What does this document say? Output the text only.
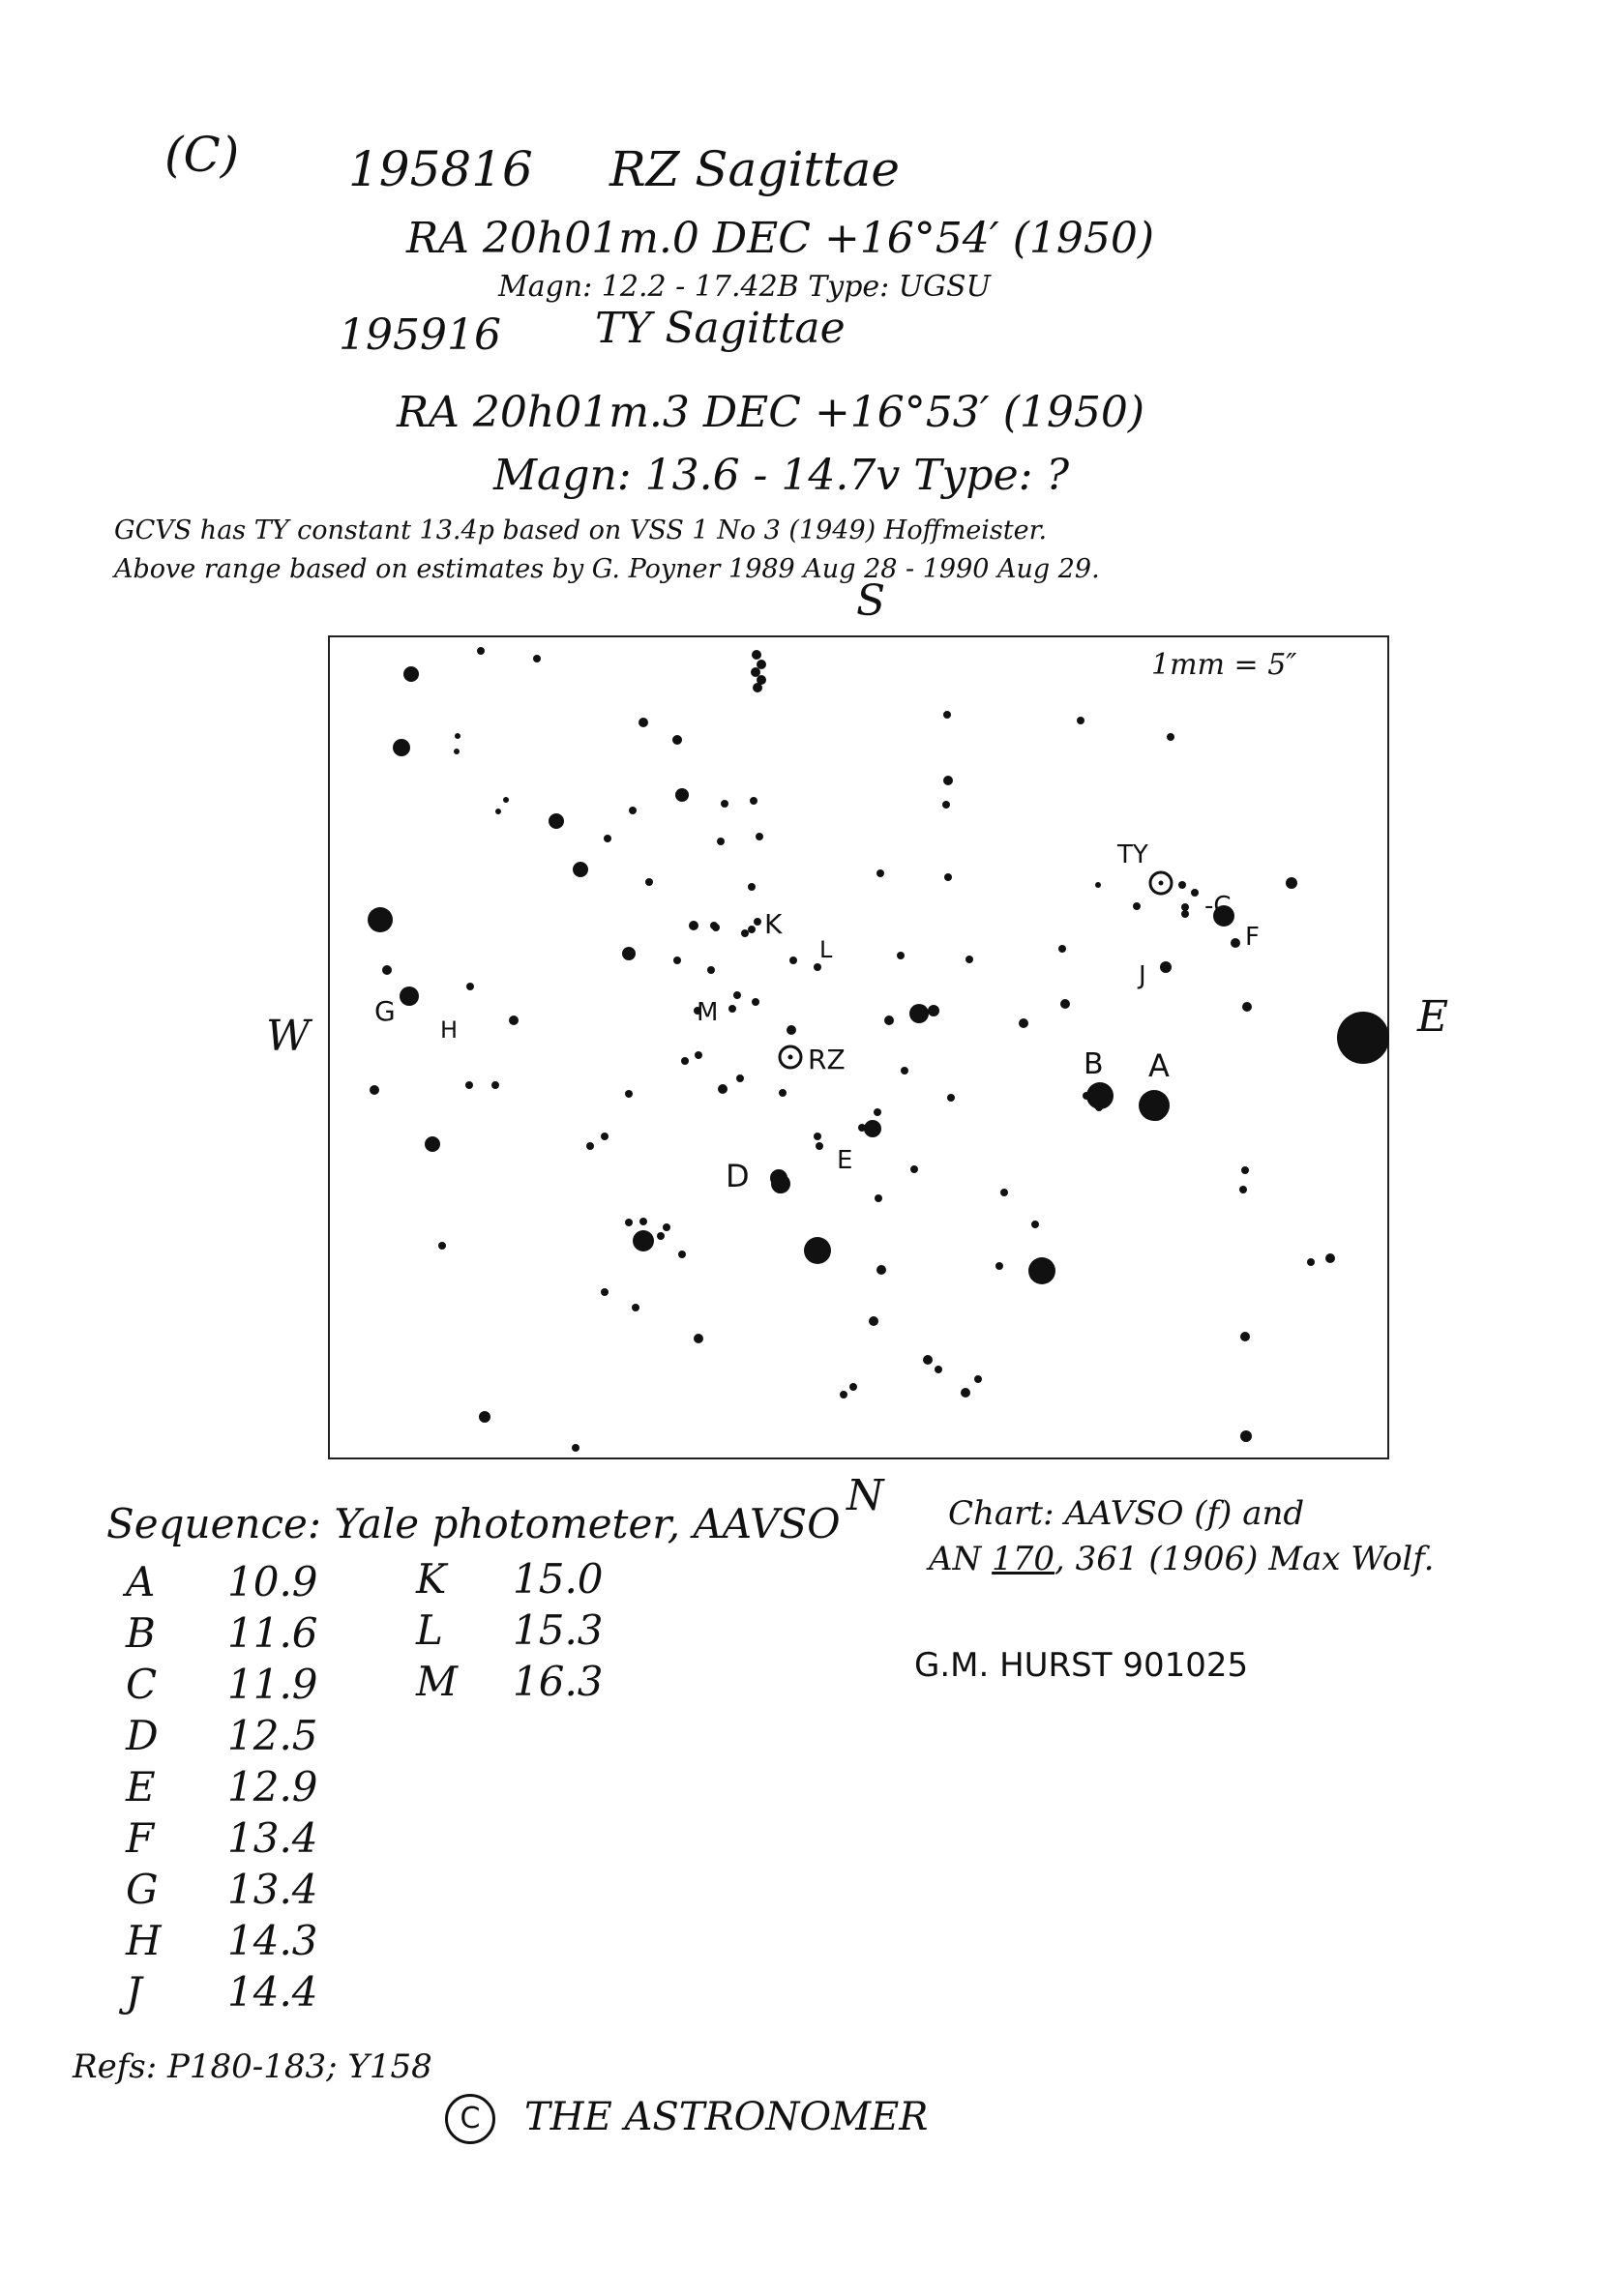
(C) 195816 RZ Sagittae
RA 20h01m.0 DEC +16°54′ (1950)
Magn: 12.2 - 17.42B Type: UGSU
195916 TY Sagittae
RA 20h01m.3 DEC +16°53′ (1950)
Magn: 13.6 - 14.7v Type: ?
GCVS has TY constant 13.4p based on VSS 1 No 3 (1949) Hoffmeister.
Above range based on estimates by G. Poyner 1989 Aug 28 - 1990 Aug 29.
S
N
W	E
1mm = 5″
TY
RZ
-C
F
J
B A
K
L
M
G
H
D	E
Sequence: Yale photometer, AAVSO
A 10.9
B 11.6
C 11.9
D 12.5
E 12.9
F 13.4
G 13.4
H 14.3
J 14.4
K 15.0
L 15.3
M 16.3
Chart: AAVSO (f) and
AN 170, 361 (1906) Max Wolf.
G.M. HURST 901025
Refs: P180-183; Y158
C THE ASTRONOMER
